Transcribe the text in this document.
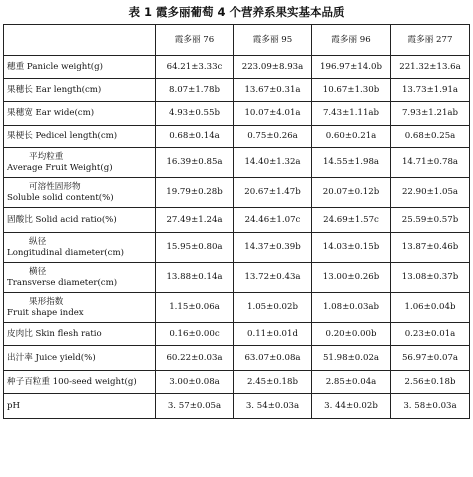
表 1 霞多丽葡萄 4 个营养系果实基本品质
	霞多丽 76	霞多丽 95	霞多丽 96	霞多丽 277

穗重 Panicle weight(g)	64.21±3.33c	223.09±8.93a	196.97±14.0b	221.32±13.6a

果穗长 Ear length(cm)	8.07±1.78b	13.67±0.31a	10.67±1.30b	13.73±1.91a

果穗宽 Ear wide(cm)	4.93±0.55b	10.07±4.01a	7.43±1.11ab	7.93±1.21ab

果梗长 Pedicel length(cm)	0.68±0.14a	0.75±0.26a	0.60±0.21a	0.68±0.25a

平均粒重
Average Fruit Weight(g)	16.39±0.85a	14.40±1.32a	14.55±1.98a	14.71±0.78a

可溶性固形物
Soluble solid content(%)	19.79±0.28b	20.67±1.47b	20.07±0.12b	22.90±1.05a

固酸比 Solid acid ratio(%)	27.49±1.24a	24.46±1.07c	24.69±1.57c	25.59±0.57b

纵径
Longitudinal diameter(cm)	15.95±0.80a	14.37±0.39b	14.03±0.15b	13.87±0.46b

横径
Transverse diameter(cm)	13.88±0.14a	13.72±0.43a	13.00±0.26b	13.08±0.37b

果形指数
Fruit shape index	1.15±0.06a	1.05±0.02b	1.08±0.03ab	1.06±0.04b

皮肉比 Skin flesh ratio	0.16±0.00c	0.11±0.01d	0.20±0.00b	0.23±0.01a

出汁率 Juice yield(%)	60.22±0.03a	63.07±0.08a	51.98±0.02a	56.97±0.07a

种子百粒重 100-seed weight(g)	3.00±0.08a	2.45±0.18b	2.85±0.04a	2.56±0.18b

pH	3. 57±0.05a	3. 54±0.03a	3. 44±0.02b	3. 58±0.03a
